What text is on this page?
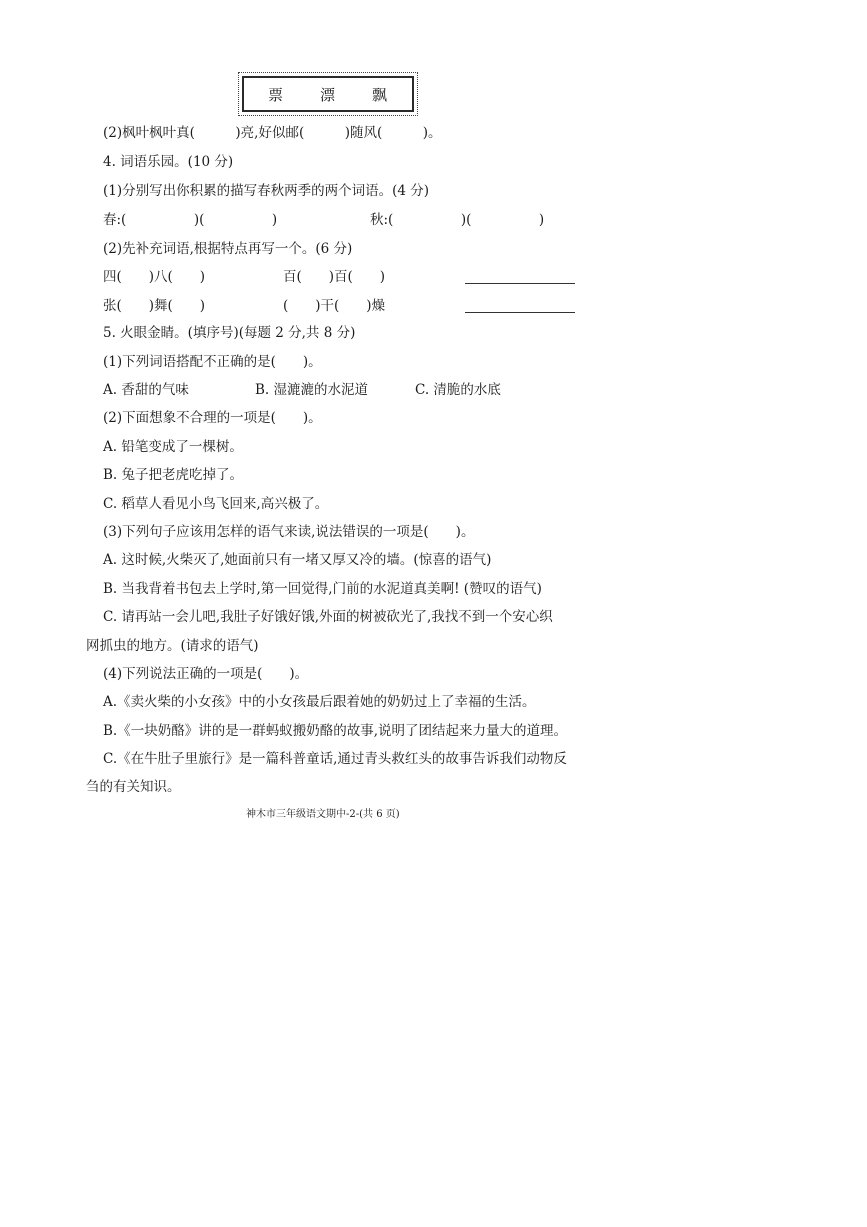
票 漂 飘
(2)枫叶枫叶真(　　　)亮,好似邮(　　　)随风(　　　)。
4. 词语乐园。(10 分)
(1)分别写出你积累的描写春秋两季的两个词语。(4 分)
春:(　　　　　)(　　　　　)	秋:(　　　　　)(　　　　　)
(2)先补充词语,根据特点再写一个。(6 分)
四(　　)八(　　)	百(　　)百(　　)
张(　　)舞(　　)	(　　)干(　　)燥
5. 火眼金睛。(填序号)(每题 2 分,共 8 分)
(1)下列词语搭配不正确的是(　　)。
A. 香甜的气味	B. 湿漉漉的水泥道	C. 清脆的水底
(2)下面想象不合理的一项是(　　)。
A. 铅笔变成了一棵树。
B. 兔子把老虎吃掉了。
C. 稻草人看见小鸟飞回来,高兴极了。
(3)下列句子应该用怎样的语气来读,说法错误的一项是(　　)。
A. 这时候,火柴灭了,她面前只有一堵又厚又冷的墙。(惊喜的语气)
B. 当我背着书包去上学时,第一回觉得,门前的水泥道真美啊! (赞叹的语气)
C. 请再站一会儿吧,我肚子好饿好饿,外面的树被砍光了,我找不到一个安心织
网抓虫的地方。(请求的语气)
(4)下列说法正确的一项是(　　)。
A.《卖火柴的小女孩》中的小女孩最后跟着她的奶奶过上了幸福的生活。
B.《一块奶酪》讲的是一群蚂蚁搬奶酪的故事,说明了团结起来力量大的道理。
C.《在牛肚子里旅行》是一篇科普童话,通过青头救红头的故事告诉我们动物反
刍的有关知识。
神木市三年级语文期中-2-(共 6 页)
